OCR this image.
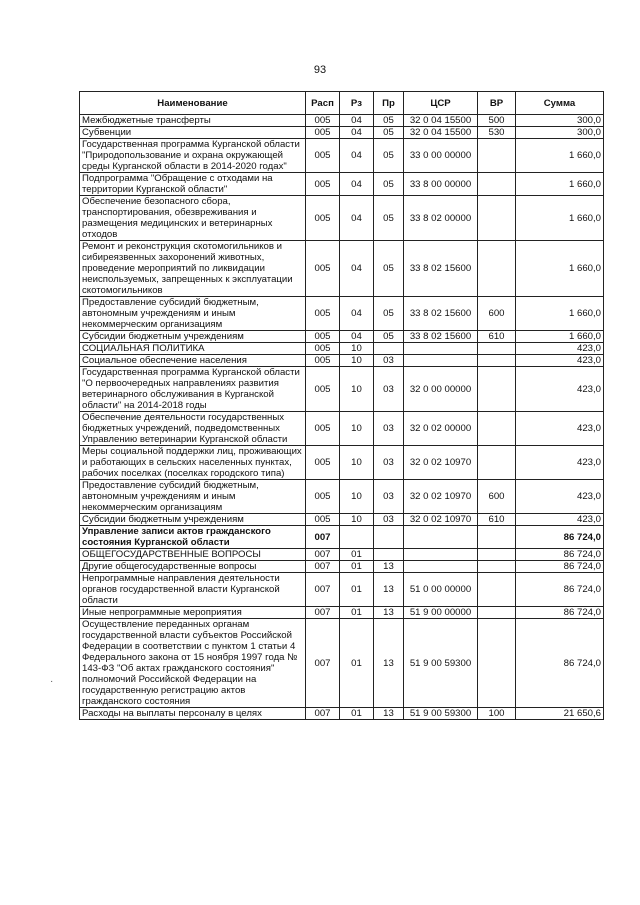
93
Наименование	Расп	Рз	Пр	ЦСР	ВР	Сумма
Межбюджетные трансферты	005	04	05	32 0 04 15500	500	300,0
Субвенции	005	04	05	32 0 04 15500	530	300,0
Государственная программа Курганской области "Природопользование и охрана окружающей среды Курганской области в 2014-2020 годах"	005	04	05	33 0 00 00000		1 660,0
Подпрограмма "Обращение с отходами на территории Курганской области"	005	04	05	33 8 00 00000		1 660,0
Обеспечение безопасного сбора, транспортирования, обезвреживания и размещения медицинских и ветеринарных отходов	005	04	05	33 8 02 00000		1 660,0
Ремонт и реконструкция скотомогильников и сибиреязвенных захоронений животных, проведение мероприятий по ликвидации неиспользуемых, запрещенных к эксплуатации скотомогильников	005	04	05	33 8 02 15600		1 660,0
Предоставление субсидий бюджетным, автономным учреждениям и иным некоммерческим организациям	005	04	05	33 8 02 15600	600	1 660,0
Субсидии бюджетным учреждениям	005	04	05	33 8 02 15600	610	1 660,0
СОЦИАЛЬНАЯ ПОЛИТИКА	005	10				423,0
Социальное обеспечение населения	005	10	03			423,0
Государственная программа Курганской области "О первоочередных направлениях развития ветеринарного обслуживания в Курганской области" на 2014-2018 годы	005	10	03	32 0 00 00000		423,0
Обеспечение деятельности государственных бюджетных учреждений, подведомственных Управлению ветеринарии Курганской области	005	10	03	32 0 02 00000		423,0
Меры социальной поддержки лиц, проживающих и работающих в сельских населенных пунктах, рабочих поселках (поселках городского типа)	005	10	03	32 0 02 10970		423,0
Предоставление субсидий бюджетным, автономным учреждениям и иным некоммерческим организациям	005	10	03	32 0 02 10970	600	423,0
Субсидии бюджетным учреждениям	005	10	03	32 0 02 10970	610	423,0
Управление записи актов гражданского состояния Курганской области	007					86 724,0
ОБЩЕГОСУДАРСТВЕННЫЕ ВОПРОСЫ	007	01				86 724,0
Другие общегосударственные вопросы	007	01	13			86 724,0
Непрограммные направления деятельности органов государственной власти Курганской области	007	01	13	51 0 00 00000		86 724,0
Иные непрограммные мероприятия	007	01	13	51 9 00 00000		86 724,0
Осуществление переданных органам государственной власти субъектов Российской Федерации в соответствии с пунктом 1 статьи 4 Федерального закона от 15 ноября 1997 года № 143-ФЗ "Об актах гражданского состояния" полномочий Российской Федерации на государственную регистрацию актов гражданского состояния	007	01	13	51 9 00 59300		86 724,0
Расходы на выплаты персоналу в целях	007	01	13	51 9 00 59300	100	21 650,6
·
